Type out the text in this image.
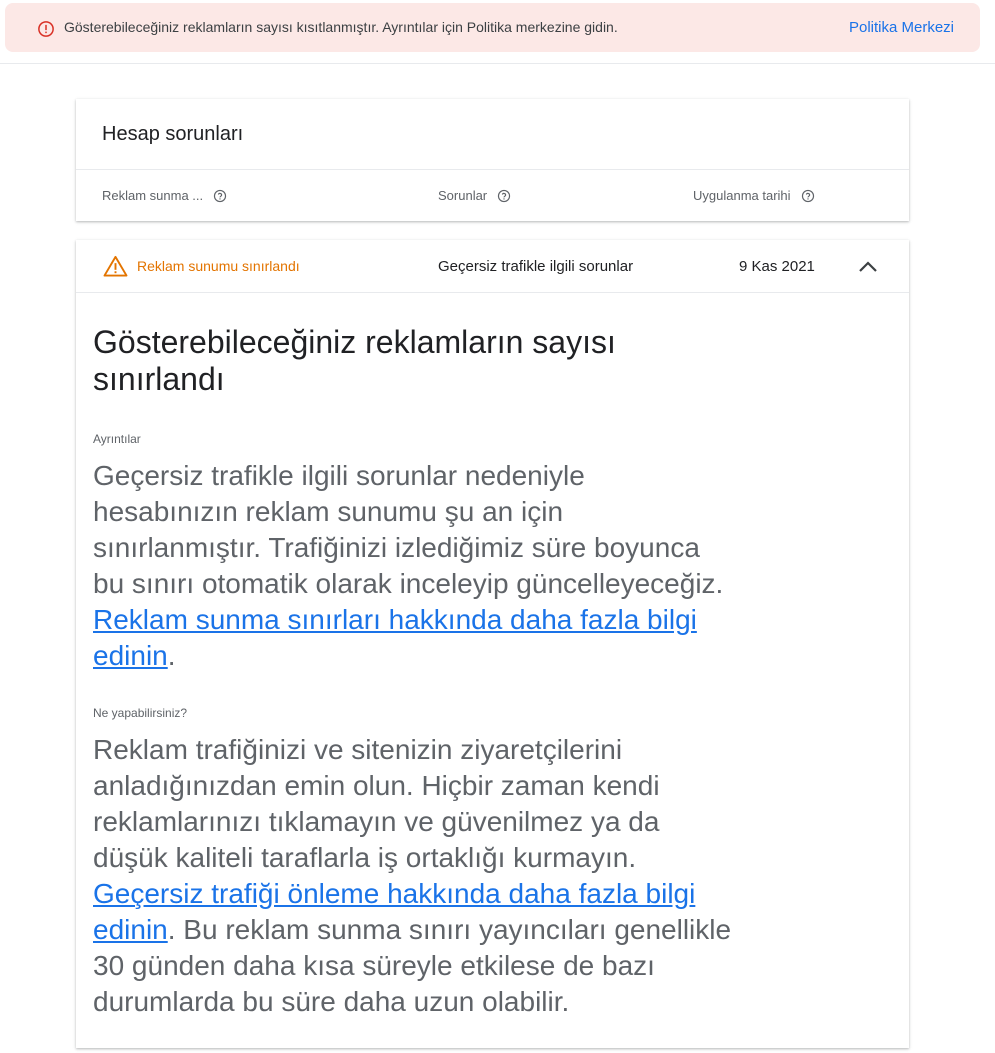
Gösterebileceğiniz reklamların sayısı kısıtlanmıştır. Ayrıntılar için Politika merkezine gidin.	Politika Merkezi
Hesap sorunları
Reklam sunma ...	Sorunlar	Uygulanma tarihi
Reklam sunumu sınırlandı	Geçersiz trafikle ilgili sorunlar	9 Kas 2021
Gösterebileceğiniz reklamların sayısı sınırlandı
Ayrıntılar
Geçersiz trafikle ilgili sorunlar nedeniyle hesabınızın reklam sunumu şu an için sınırlanmıştır. Trafiğinizi izlediğimiz süre boyunca bu sınırı otomatik olarak inceleyip güncelleyeceğiz. Reklam sunma sınırları hakkında daha fazla bilgi edinin.
Ne yapabilirsiniz?
Reklam trafiğinizi ve sitenizin ziyaretçilerini anladığınızdan emin olun. Hiçbir zaman kendi reklamlarınızı tıklamayın ve güvenilmez ya da düşük kaliteli taraflarla iş ortaklığı kurmayın. Geçersiz trafiği önleme hakkında daha fazla bilgi edinin. Bu reklam sunma sınırı yayıncıları genellikle 30 günden daha kısa süreyle etkilese de bazı durumlarda bu süre daha uzun olabilir.
